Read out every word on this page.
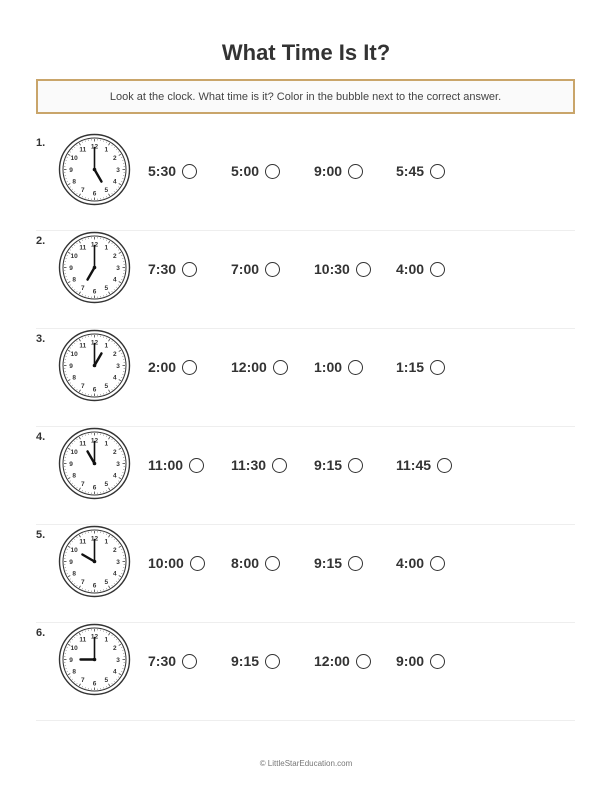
What Time Is It?
Look at the clock. What time is it? Color in the bubble next to the correct answer.
1.	12 1
2
3
4
5
6
7
8
9
10
11
5:30	5:00	9:00	5:45
2.	12 1
2
3
4
5
6
7
8
9
10
11
7:30	7:00	10:30	4:00
3.	12 1
2
3
4
5
6
7
8
9
10
11
2:00	12:00	1:00	1:15
4.	12 1
2
3
4
5
6
7
8
9
10
11
11:00	11:30	9:15	11:45
5.	12 1
2
3
4
5
6
7
8
9
10
11
10:00	8:00	9:15	4:00
6.	12 1
2
3
4
5
6
7
8
9
10
11
7:30	9:15	12:00	9:00
© LittleStarEducation.com
